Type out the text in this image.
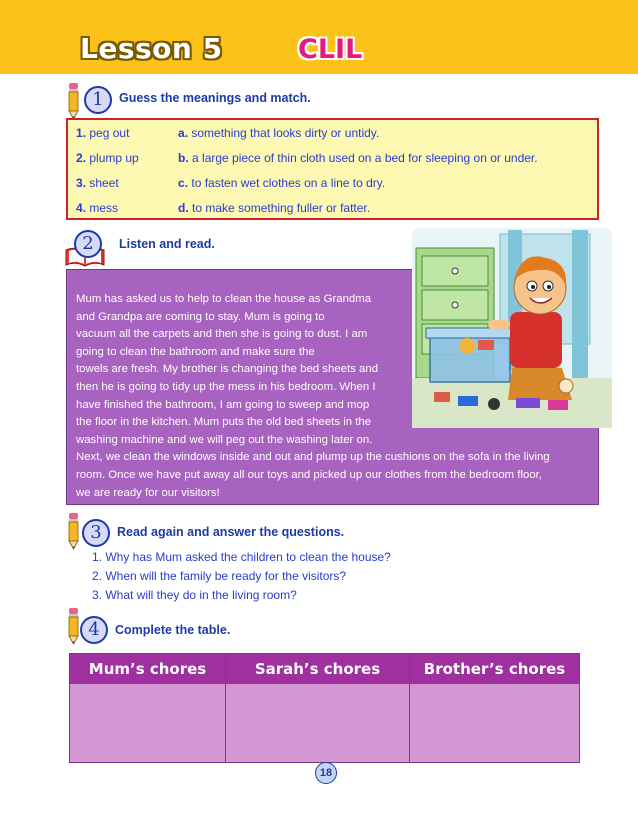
Lesson 5	CLIL
1	Guess the meanings and match.
1. peg out	a. something that looks dirty or untidy.
2. plump up	b. a large piece of thin cloth used on a bed for sleeping on or under.
3. sheet	c. to fasten wet clothes on a line to dry.
4. mess	d. to make something fuller or fatter.
2	Listen and read.
Mum has asked us to help to clean the house as Grandma
and Grandpa are coming to stay. Mum is going to
vacuum all the carpets and then she is going to dust. I am
going to clean the bathroom and make sure the
towels are fresh. My brother is changing the bed sheets and
then he is going to tidy up the mess in his bedroom. When I
have finished the bathroom, I am going to sweep and mop
the floor in the kitchen. Mum puts the old bed sheets in the
washing machine and we will peg out the washing later on.
Next, we clean the windows inside and out and plump up the cushions on the sofa in the living
room. Once we have put away all our toys and picked up our clothes from the bedroom floor,
we are ready for our visitors!
3	Read again and answer the questions.
1. Why has Mum asked the children to clean the house?
2. When will the family be ready for the visitors?
3. What will they do in the living room?
4	Complete the table.
Mum’s chores	Sarah’s chores	Brother’s chores
18
